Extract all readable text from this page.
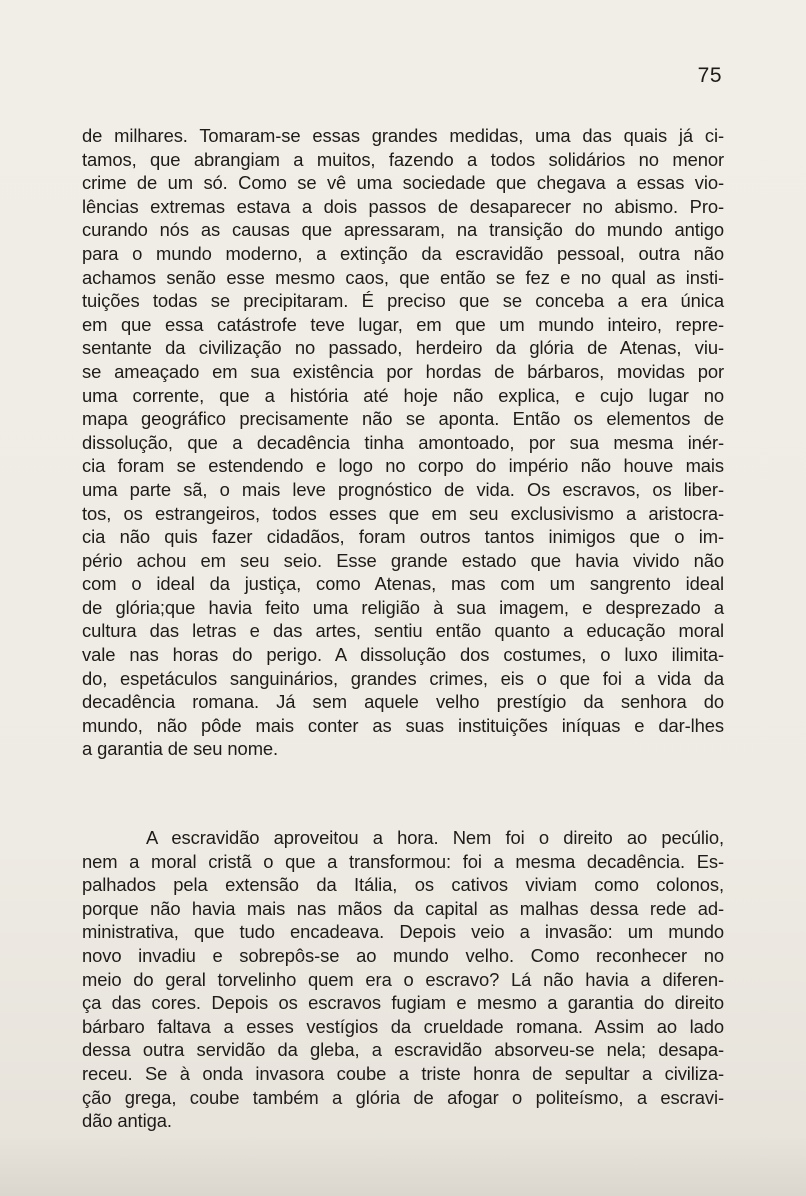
75
de milhares. Tomaram-se essas grandes medidas, uma das quais já ci-
tamos, que abrangiam a muitos, fazendo a todos solidários no menor
crime de um só. Como se vê uma sociedade que chegava a essas vio-
lências extremas estava a dois passos de desaparecer no abismo. Pro-
curando nós as causas que apressaram, na transição do mundo antigo
para o mundo moderno, a extinção da escravidão pessoal, outra não
achamos senão esse mesmo caos, que então se fez e no qual as insti-
tuições todas se precipitaram. É preciso que se conceba a era única
em que essa catástrofe teve lugar, em que um mundo inteiro, repre-
sentante da civilização no passado, herdeiro da glória de Atenas, viu-
se ameaçado em sua existência por hordas de bárbaros, movidas por
uma corrente, que a história até hoje não explica, e cujo lugar no
mapa geográfico precisamente não se aponta. Então os elementos de
dissolução, que a decadência tinha amontoado, por sua mesma inér-
cia foram se estendendo e logo no corpo do império não houve mais
uma parte sã, o mais leve prognóstico de vida. Os escravos, os liber-
tos, os estrangeiros, todos esses que em seu exclusivismo a aristocra-
cia não quis fazer cidadãos, foram outros tantos inimigos que o im-
pério achou em seu seio. Esse grande estado que havia vivido não
com o ideal da justiça, como Atenas, mas com um sangrento ideal
de glória;que havia feito uma religião à sua imagem, e desprezado a
cultura das letras e das artes, sentiu então quanto a educação moral
vale nas horas do perigo. A dissolução dos costumes, o luxo ilimita-
do, espetáculos sanguinários, grandes crimes, eis o que foi a vida da
decadência romana. Já sem aquele velho prestígio da senhora do
mundo, não pôde mais conter as suas instituições iníquas e dar-lhes
a garantia de seu nome.
A escravidão aproveitou a hora. Nem foi o direito ao pecúlio,
nem a moral cristã o que a transformou: foi a mesma decadência. Es-
palhados pela extensão da Itália, os cativos viviam como colonos,
porque não havia mais nas mãos da capital as malhas dessa rede ad-
ministrativa, que tudo encadeava. Depois veio a invasão: um mundo
novo invadiu e sobrepôs-se ao mundo velho. Como reconhecer no
meio do geral torvelinho quem era o escravo? Lá não havia a diferen-
ça das cores. Depois os escravos fugiam e mesmo a garantia do direito
bárbaro faltava a esses vestígios da crueldade romana. Assim ao lado
dessa outra servidão da gleba, a escravidão absorveu-se nela; desapa-
receu. Se à onda invasora coube a triste honra de sepultar a civiliza-
ção grega, coube também a glória de afogar o politeísmo, a escravi-
dão antiga.
